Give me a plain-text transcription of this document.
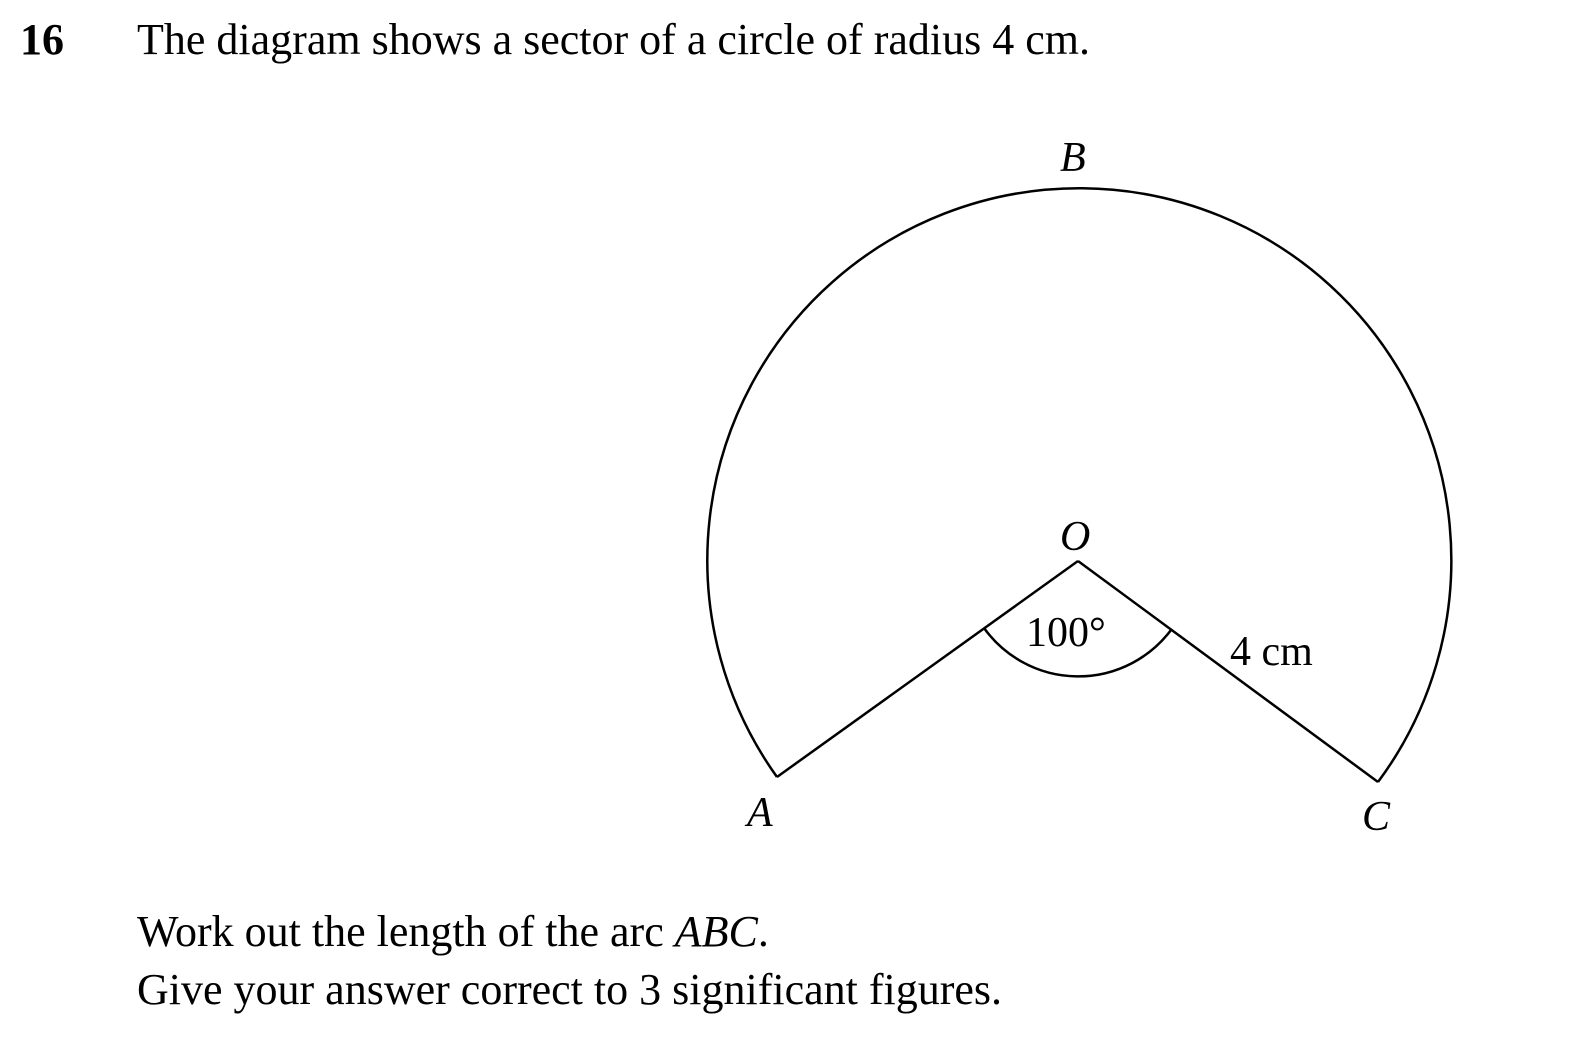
16 The diagram shows a sector of a circle of radius 4 cm.
B
O
A	C
100°	4 cm
Work out the length of the arc ABC.
Give your answer correct to 3 significant figures.
